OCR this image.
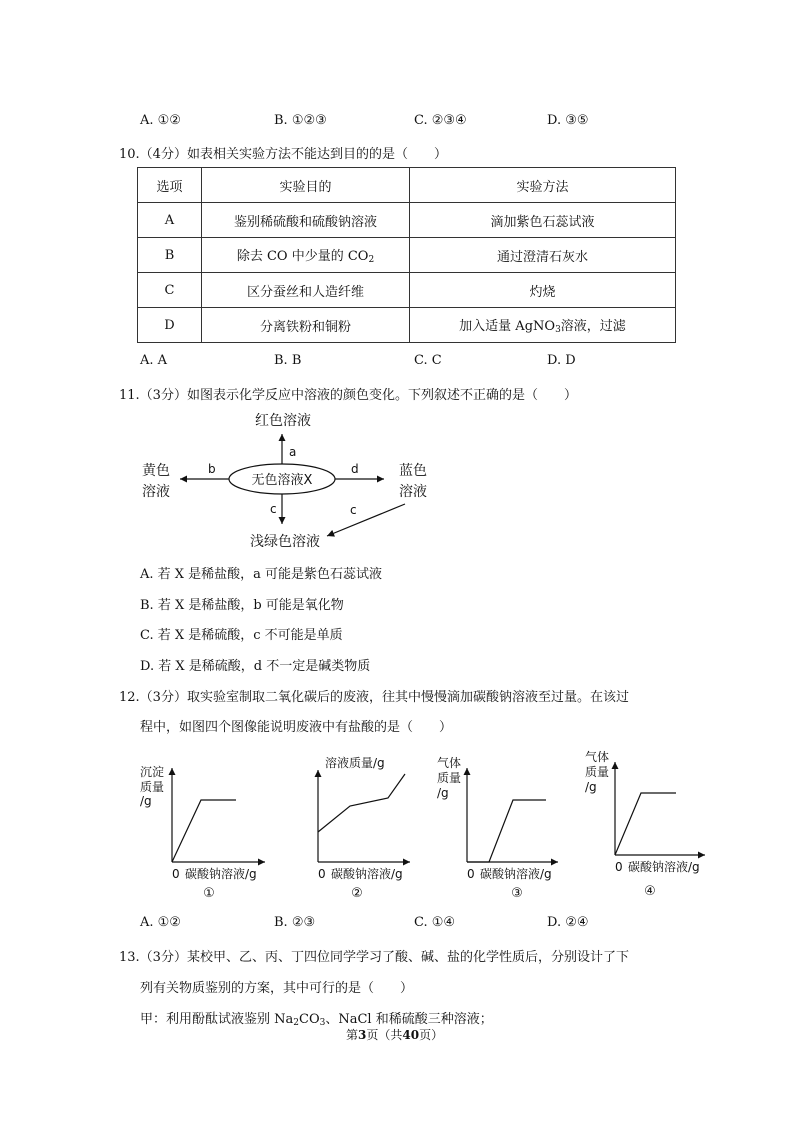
A. ①②	B. ①②③	C. ②③④	D. ③⑤
10.（4分）如表相关实验方法不能达到目的的是（　　）
选项	实验目的	实验方法
A	鉴别稀硫酸和硫酸钠溶液	滴加紫色石蕊试液
B	除去 CO 中少量的 $CO_2$	通过澄清石灰水
C	区分蚕丝和人造纤维	灼烧
D	分离铁粉和铜粉	加入适量 AgNO$_3$溶液，过滤
A. A	B. B	C. C	D. D
11.（3分）如图表示化学反应中溶液的颜色变化。下列叙述不正确的是（　　）
无色溶液X
红色溶液
黄色
溶液
蓝色
溶液
浅绿色溶液
a
b	d
c	c
A. 若 X 是稀盐酸，a 可能是紫色石蕊试液
B. 若 X 是稀盐酸，b 可能是氧化物
C. 若 X 是稀硫酸，c 不可能是单质
D. 若 X 是稀硫酸，d 不一定是碱类物质
12.（3分）取实验室制取二氧化碳后的废液，往其中慢慢滴加碳酸钠溶液至过量。在该过
程中，如图四个图像能说明废液中有盐酸的是（　　）
沉淀
质量
/g
0 碳酸钠溶液/g
①
溶液质量/g
0 碳酸钠溶液/g
②
气体
质量
/g
0 碳酸钠溶液/g
③
气体
质量
/g
0 碳酸钠溶液/g
④
A. ①②	B. ②③	C. ①④	D. ②④
13.（3分）某校甲、乙、丙、丁四位同学学习了酸、碱、盐的化学性质后，分别设计了下
列有关物质鉴别的方案，其中可行的是（　　）
甲：利用酚酞试液鉴别 $Na_2CO_3$、NaCl 和稀硫酸三种溶液；
第3页（共40页）
